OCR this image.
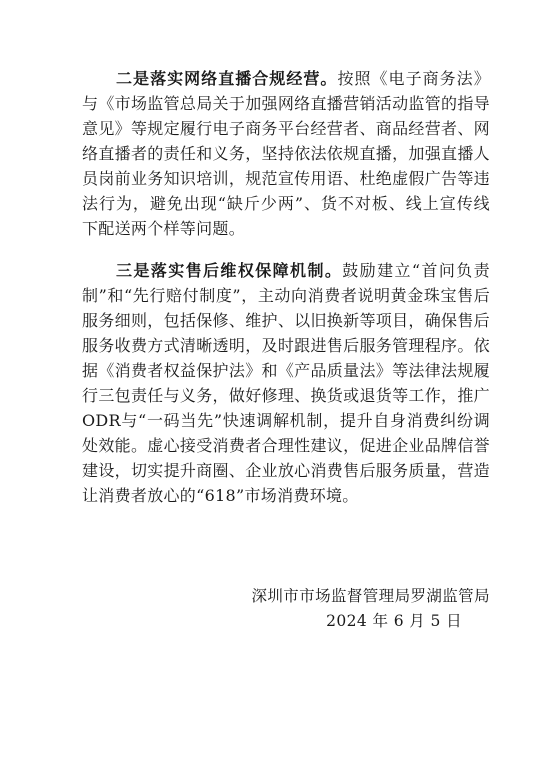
二是落实网络直播合规经营。按照《电子商务法》与《市场监管总局关于加强网络直播营销活动监管的指导意见》等规定履行电子商务平台经营者、商品经营者、网络直播者的责任和义务，坚持依法依规直播，加强直播人员岗前业务知识培训，规范宣传用语、杜绝虚假广告等违法行为，避免出现“缺斤少两”、货不对板、线上宣传线下配送两个样等问题。

三是落实售后维权保障机制。鼓励建立“首问负责制”和“先行赔付制度”，主动向消费者说明黄金珠宝售后服务细则，包括保修、维护、以旧换新等项目，确保售后服务收费方式清晰透明，及时跟进售后服务管理程序。依据《消费者权益保护法》和《产品质量法》等法律法规履行三包责任与义务，做好修理、换货或退货等工作，推广ODR与“一码当先”快速调解机制，提升自身消费纠纷调处效能。虚心接受消费者合理性建议，促进企业品牌信誉建设，切实提升商圈、企业放心消费售后服务质量，营造让消费者放心的“618”市场消费环境。

深圳市市场监督管理局罗湖监管局

2024 年 6 月 5 日
